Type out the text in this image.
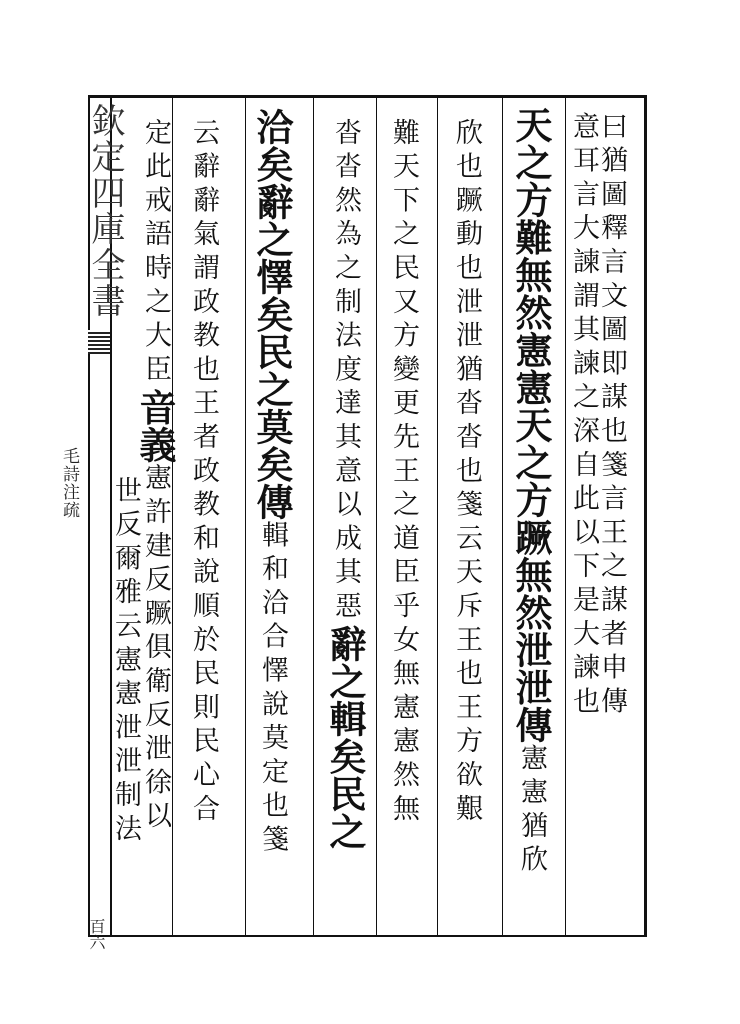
欽定四庫全書
毛詩注疏
百六
曰猶圖釋言文圖即謀也箋言王之謀者申傳
意耳言大諫謂其諫之深自此以下是大諫也
天之方難無然憲憲天之方蹶無然泄泄傳憲憲猶欣
欣也蹶動也泄泄猶沓沓也箋云天斥王也王方欲艱
難天下之民又方變更先王之道臣乎女無憲憲然無
沓沓然為之制法度達其意以成其惡辭之輯矣民之
洽矣辭之懌矣民之莫矣傳輯和洽合懌說莫定也箋
云辭辭氣謂政教也王者政教和說順於民則民心合
定此戒語時之大臣音義憲許建反蹶俱衛反泄徐以
世反爾雅云憲憲泄泄制法
